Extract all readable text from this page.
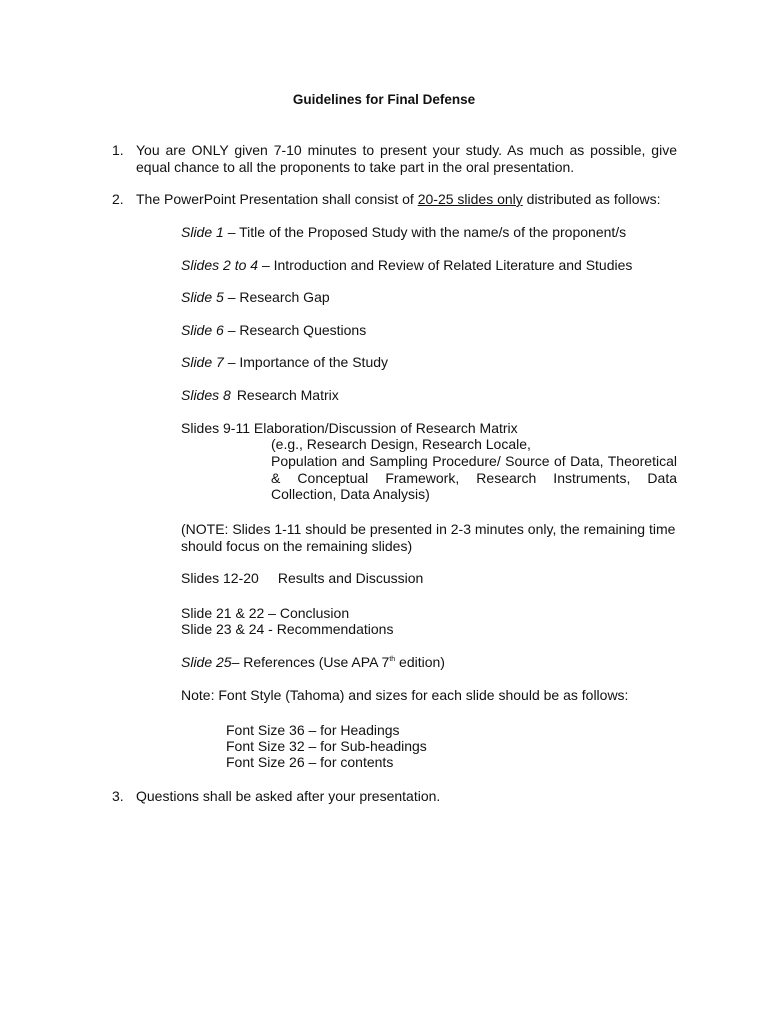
Guidelines for Final Defense
1. You are ONLY given 7-10 minutes to present your study. As much as possible, give equal chance to all the proponents to take part in the oral presentation.
2. The PowerPoint Presentation shall consist of 20-25 slides only distributed as follows:
Slide 1 – Title of the Proposed Study with the name/s of the proponent/s
Slides 2 to 4 – Introduction and Review of Related Literature and Studies
Slide 5 – Research Gap
Slide 6 – Research Questions
Slide 7 – Importance of the Study
Slides 8 Research Matrix
Slides 9-11 Elaboration/Discussion of Research Matrix
(e.g., Research Design, Research Locale,
Population and Sampling Procedure/ Source of Data, Theoretical & Conceptual Framework, Research Instruments, Data Collection, Data Analysis)
(NOTE: Slides 1-11 should be presented in 2-3 minutes only, the remaining time should focus on the remaining slides)
Slides 12-20 Results and Discussion
Slide 21 & 22 – Conclusion
Slide 23 & 24 - Recommendations
Slide 25– References (Use APA 7th edition)
Note: Font Style (Tahoma) and sizes for each slide should be as follows:
Font Size 36 – for Headings
Font Size 32 – for Sub-headings
Font Size 26 – for contents
3. Questions shall be asked after your presentation.
